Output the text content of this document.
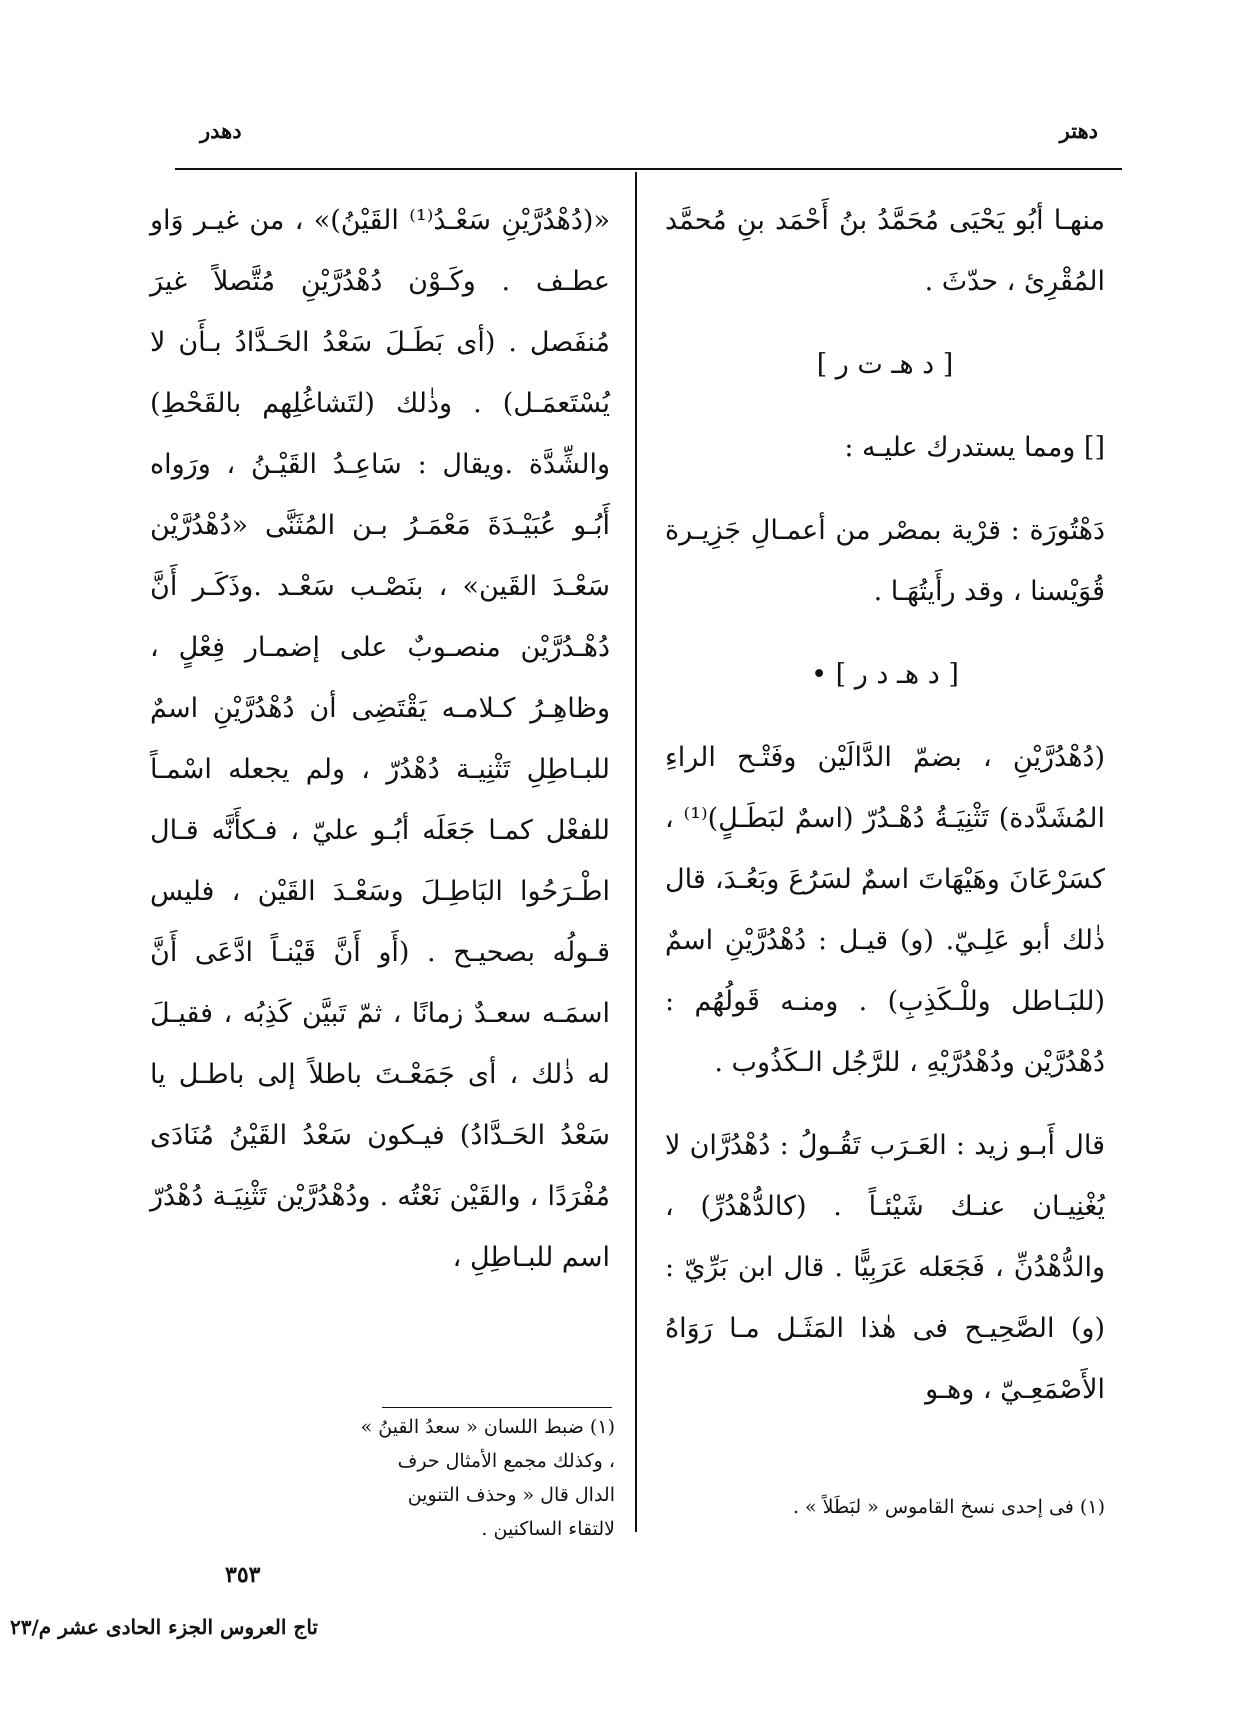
دهتر
دهدر

منهـا أبُو يَحْيَى مُحَمَّدُ بنُ أَحْمَد بنِ مُحمَّد المُقْرِئ ، حدّثَ .

[ د هـ ت ر ]

[] ومما يستدرك عليـه :

دَهْتُورَة : قرْية بمصْر من أعمـالِ جَزِيـرة قُوَيْسنا ، وقد رأَيتُهَـا .

[ د هـ د ر ] •

(دُهْدُرَّيْنِ ، بضمّ الدَّالَيْن وفَتْـح الراءِ المُشَدَّدة) تَثْنِيَـةُ دُهْـدُرّ (اسمٌ لبَطَـلٍ)⁽¹⁾ ، كسَرْعَانَ وهَيْهَاتَ اسمٌ لسَرُعَ وبَعُـدَ، قال ذٰلك أبو عَلِـيّ. (و) قيـل : دُهْدُرَّيْنِ اسمٌ (للبَـاطل وللْـكَذِبِ) . ومنـه قَولُهُم : دُهْدُرَّيْن ودُهْدُرَّيْهِ ، للرَّجُل الـكَذُوب .

قال أَبـو زيد : العَـرَب تَقُـولُ : دُهْدُرَّان لا يُغْنِيـان عنـك شَيْئـاً . (كالدُّهْدُرِّ) ، والدُّهْدُنِّ ، فَجَعَله عَرَبِيًّا . قال ابن بَرِّيّ : (و) الصَّحِيـح فى هٰذا المَثَـل مـا رَوَاهُ الأَصْمَعِـيّ ، وهـو

(١) فى إحدى نسخ القاموس « لبَطَلاً » .

«(دُهْدُرَّيْنِ سَعْـدُ⁽¹⁾ القَيْنُ)» ، من غيـر وَاو عطـف . وكَـوْن دُهْدُرَّيْنِ مُتَّصلاً غيرَ مُنفَصل . (أى بَطَـلَ سَعْدُ الحَـدَّادُ بـأَن لا يُسْتَعمَـل) . وذٰلك (لتَشاغُلِهم بالقَحْطِ) والشِّدَّة .ويقال : سَاعِـدُ القَيْـنُ ، ورَواه أَبُـو عُبَيْـدَةَ مَعْمَـرُ بـن المُثَنَّى «دُهْدُرَّيْن سَعْـدَ القَين» ، بنَصْـب سَعْـد .وذَكَـر أَنَّ دُهْـدُرَّيْن منصـوبٌ على إضمـار فِعْلٍ ، وظاهِـرُ كـلامـه يَقْتَضِى أن دُهْدُرَّيْنِ اسمٌ للبـاطِلِ تَثْنِيـة دُهْدُرّ ، ولم يجعله اسْمـاً للفعْل كمـا جَعَلَه أبُـو عليّ ، فـكأَنَّه قـال اطْـرَحُوا البَاطِـلَ وسَعْـدَ القَيْن ، فليس قـولُه بصحيـح . (أَو أَنَّ قَيْنـاً ادَّعَى أَنَّ اسمَـه سعـدٌ زمانًا ، ثمّ تَبيَّن كَذِبُه ، فقيـلَ له ذٰلك ، أى جَمَعْـتَ باطلاً إلى باطـل يا سَعْدُ الحَـدَّادُ) فيـكون سَعْدُ القَيْنُ مُنَادَى مُفْرَدًا ، والقَيْن نَعْتُه . ودُهْدُرَّيْن تَثْنِيَـة دُهْدُرّ اسم للبـاطِلِ ،

(١) ضبط اللسان « سعدُ القينُ » ، وكذلك مجمع الأمثال حرف الدال قال « وحذف التنوين لالتقاء الساكنين .
٣٥٣
تاج العروس الجزء الحادى عشر م/٢٣
